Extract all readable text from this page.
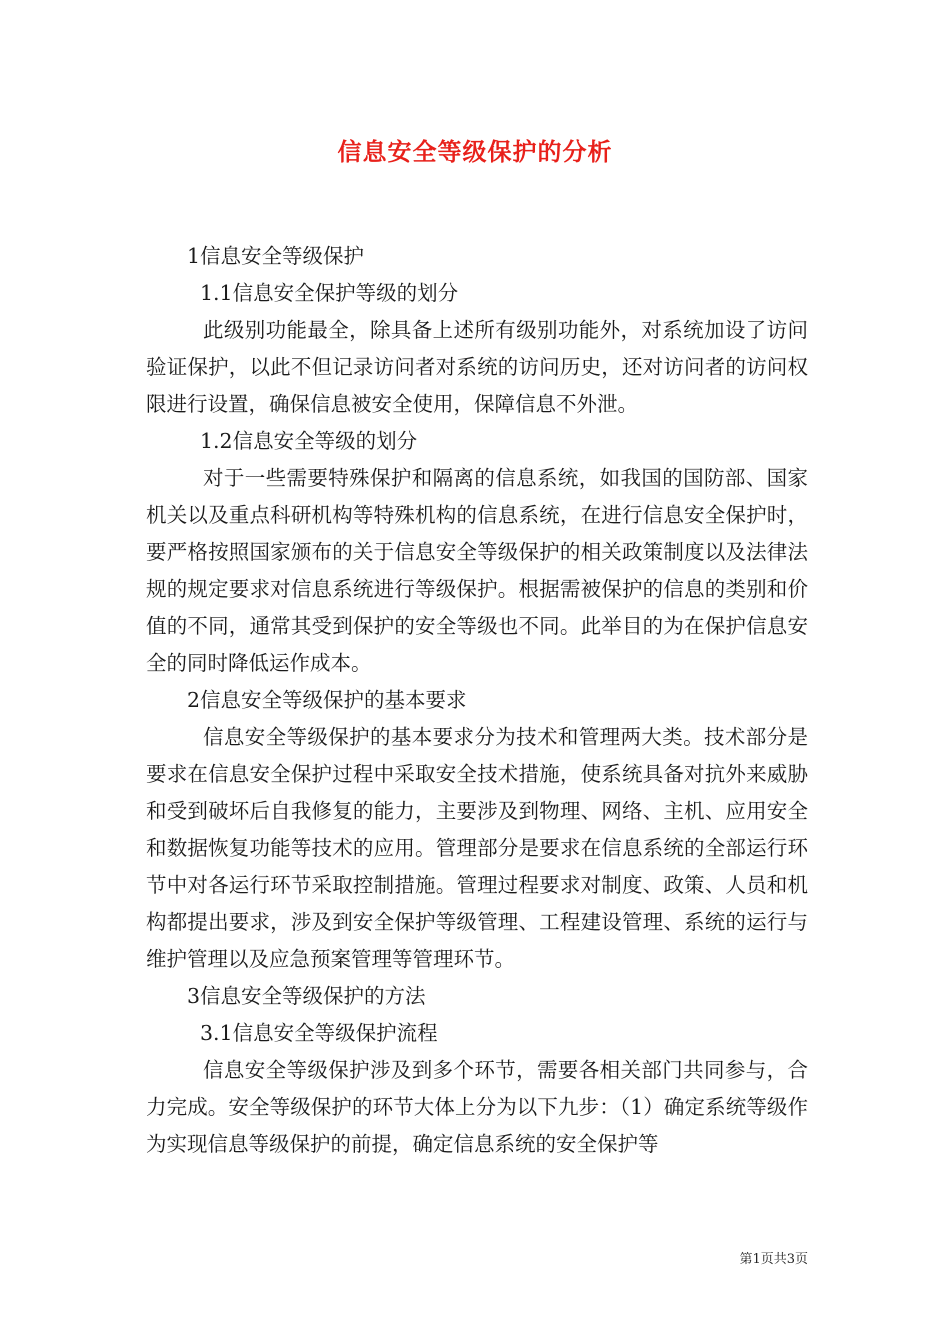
信息安全等级保护的分析

1信息安全等级保护

1.1信息安全保护等级的划分

此级别功能最全，除具备上述所有级别功能外，对系统加设了访问验证保护，以此不但记录访问者对系统的访问历史，还对访问者的访问权限进行设置，确保信息被安全使用，保障信息不外泄。

1.2信息安全等级的划分

对于一些需要特殊保护和隔离的信息系统，如我国的国防部、国家机关以及重点科研机构等特殊机构的信息系统，在进行信息安全保护时，要严格按照国家颁布的关于信息安全等级保护的相关政策制度以及法律法规的规定要求对信息系统进行等级保护。根据需被保护的信息的类别和价值的不同，通常其受到保护的安全等级也不同。此举目的为在保护信息安全的同时降低运作成本。

2信息安全等级保护的基本要求

信息安全等级保护的基本要求分为技术和管理两大类。技术部分是要求在信息安全保护过程中采取安全技术措施，使系统具备对抗外来威胁和受到破坏后自我修复的能力，主要涉及到物理、网络、主机、应用安全和数据恢复功能等技术的应用。管理部分是要求在信息系统的全部运行环节中对各运行环节采取控制措施。管理过程要求对制度、政策、人员和机构都提出要求，涉及到安全保护等级管理、工程建设管理、系统的运行与维护管理以及应急预案管理等管理环节。

3信息安全等级保护的方法

3.1信息安全等级保护流程

信息安全等级保护涉及到多个环节，需要各相关部门共同参与，合力完成。安全等级保护的环节大体上分为以下九步：（1）确定系统等级作为实现信息等级保护的前提，确定信息系统的安全保护等

第1页共3页
